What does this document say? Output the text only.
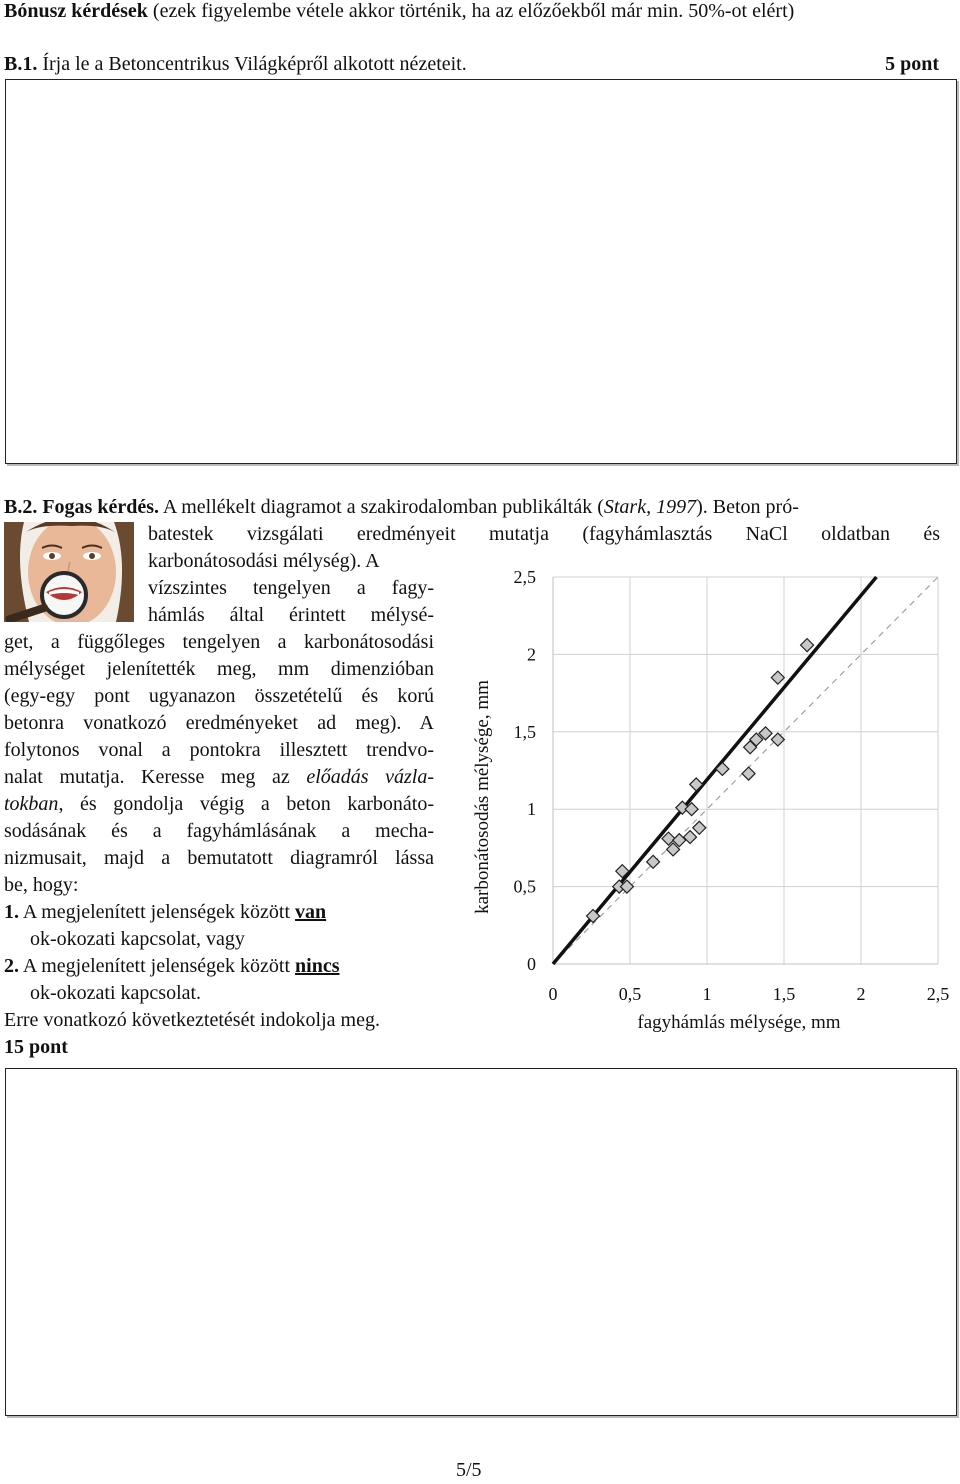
Bónusz kérdések (ezek figyelembe vétele akkor történik, ha az előzőekből már min. 50%-ot elért)
B.1. Írja le a Betoncentrikus Világképről alkotott nézeteit.	5 pont
B.2. Fogas kérdés. A mellékelt diagramot a szakirodalomban publikálták (Stark, 1997). Beton pró-
batestek vizsgálati eredményeit mutatja (fagyhámlasztás NaCl oldatban és
karbonátosodási mélység). A
vízszintes tengelyen a fagy-
hámlás által érintett mélysé-
get, a függőleges tengelyen a karbonátosodási
mélységet jelenítették meg, mm dimenzióban
(egy-egy pont ugyanazon összetételű és korú
betonra vonatkozó eredményeket ad meg). A
folytonos vonal a pontokra illesztett trendvo-
nalat mutatja. Keresse meg az előadás vázla-
tokban, és gondolja végig a beton karbonáto-
sodásának és a fagyhámlásának a mecha-
nizmusait, majd a bemutatott diagramról lássa
be, hogy:
1. A megjelenített jelenségek között van
ok-okozati kapcsolat, vagy
2. A megjelenített jelenségek között nincs
ok-okozati kapcsolat.
Erre vonatkozó következtetését indokolja meg.
15 pont
0	0,5	1	1,5	2	2,5
0
0,5
1
1,5
2
2,5
fagyhámlás mélysége, mm
karbonátosodás mélysége, mm
5/5
